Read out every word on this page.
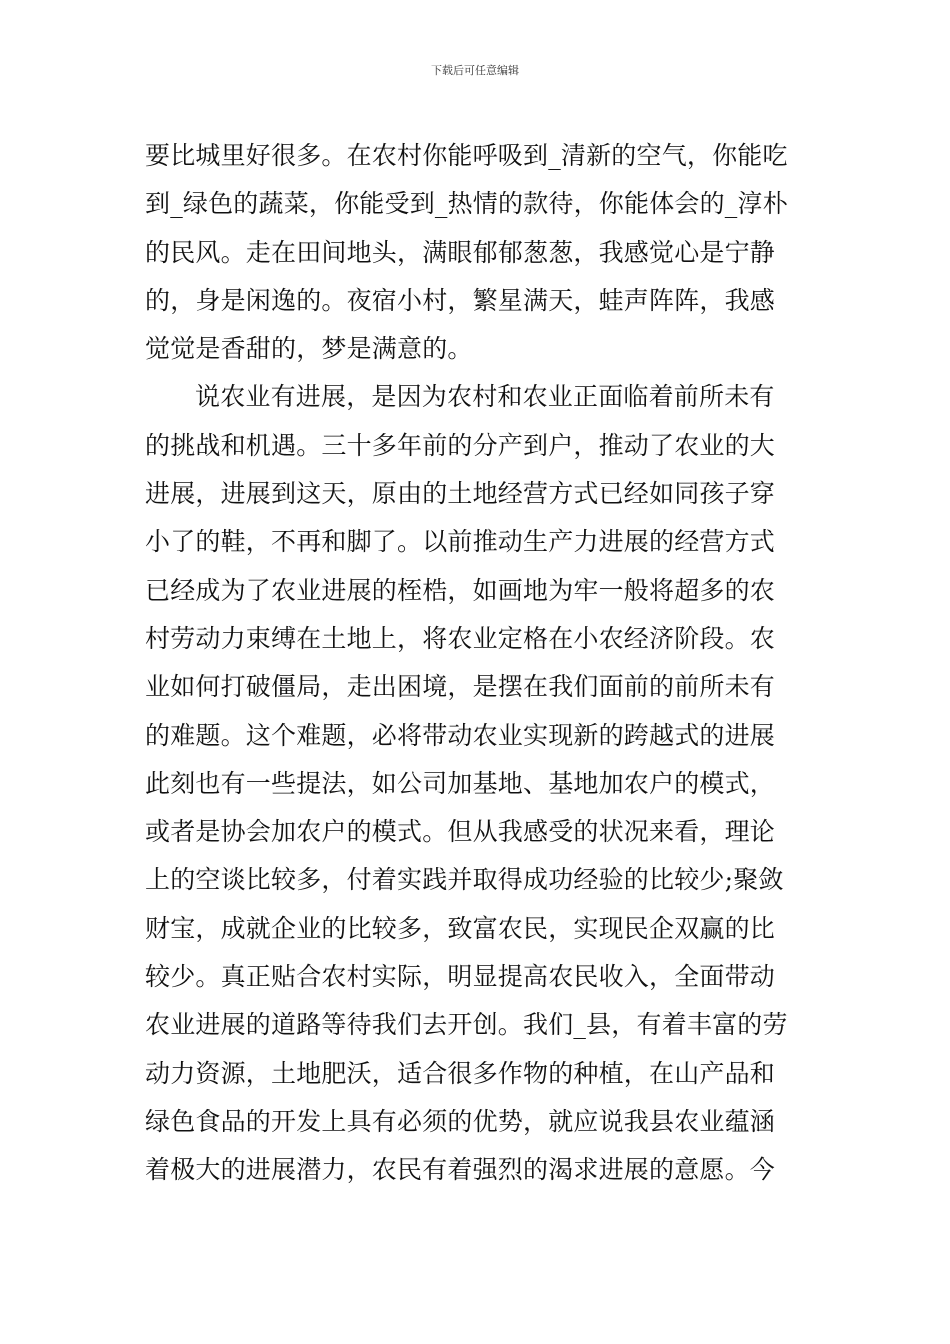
下载后可任意编辑
要比城里好很多。在农村你能呼吸到_清新的空气，你能吃
到_绿色的蔬菜，你能受到_热情的款待，你能体会的_淳朴
的民风。走在田间地头，满眼郁郁葱葱，我感觉心是宁静
的，身是闲逸的。夜宿小村，繁星满天，蛙声阵阵，我感
觉觉是香甜的，梦是满意的。
说农业有进展，是因为农村和农业正面临着前所未有
的挑战和机遇。三十多年前的分产到户，推动了农业的大
进展，进展到这天，原由的土地经营方式已经如同孩子穿
小了的鞋，不再和脚了。以前推动生产力进展的经营方式
已经成为了农业进展的桎梏，如画地为牢一般将超多的农
村劳动力束缚在土地上，将农业定格在小农经济阶段。农
业如何打破僵局，走出困境，是摆在我们面前的前所未有
的难题。这个难题，必将带动农业实现新的跨越式的进展
此刻也有一些提法，如公司加基地、基地加农户的模式，
或者是协会加农户的模式。但从我感受的状况来看，理论
上的空谈比较多，付着实践并取得成功经验的比较少;聚敛
财宝，成就企业的比较多，致富农民，实现民企双赢的比
较少。真正贴合农村实际，明显提高农民收入，全面带动
农业进展的道路等待我们去开创。我们_县，有着丰富的劳
动力资源，土地肥沃，适合很多作物的种植，在山产品和
绿色食品的开发上具有必须的优势，就应说我县农业蕴涵
着极大的进展潜力，农民有着强烈的渴求进展的意愿。今
